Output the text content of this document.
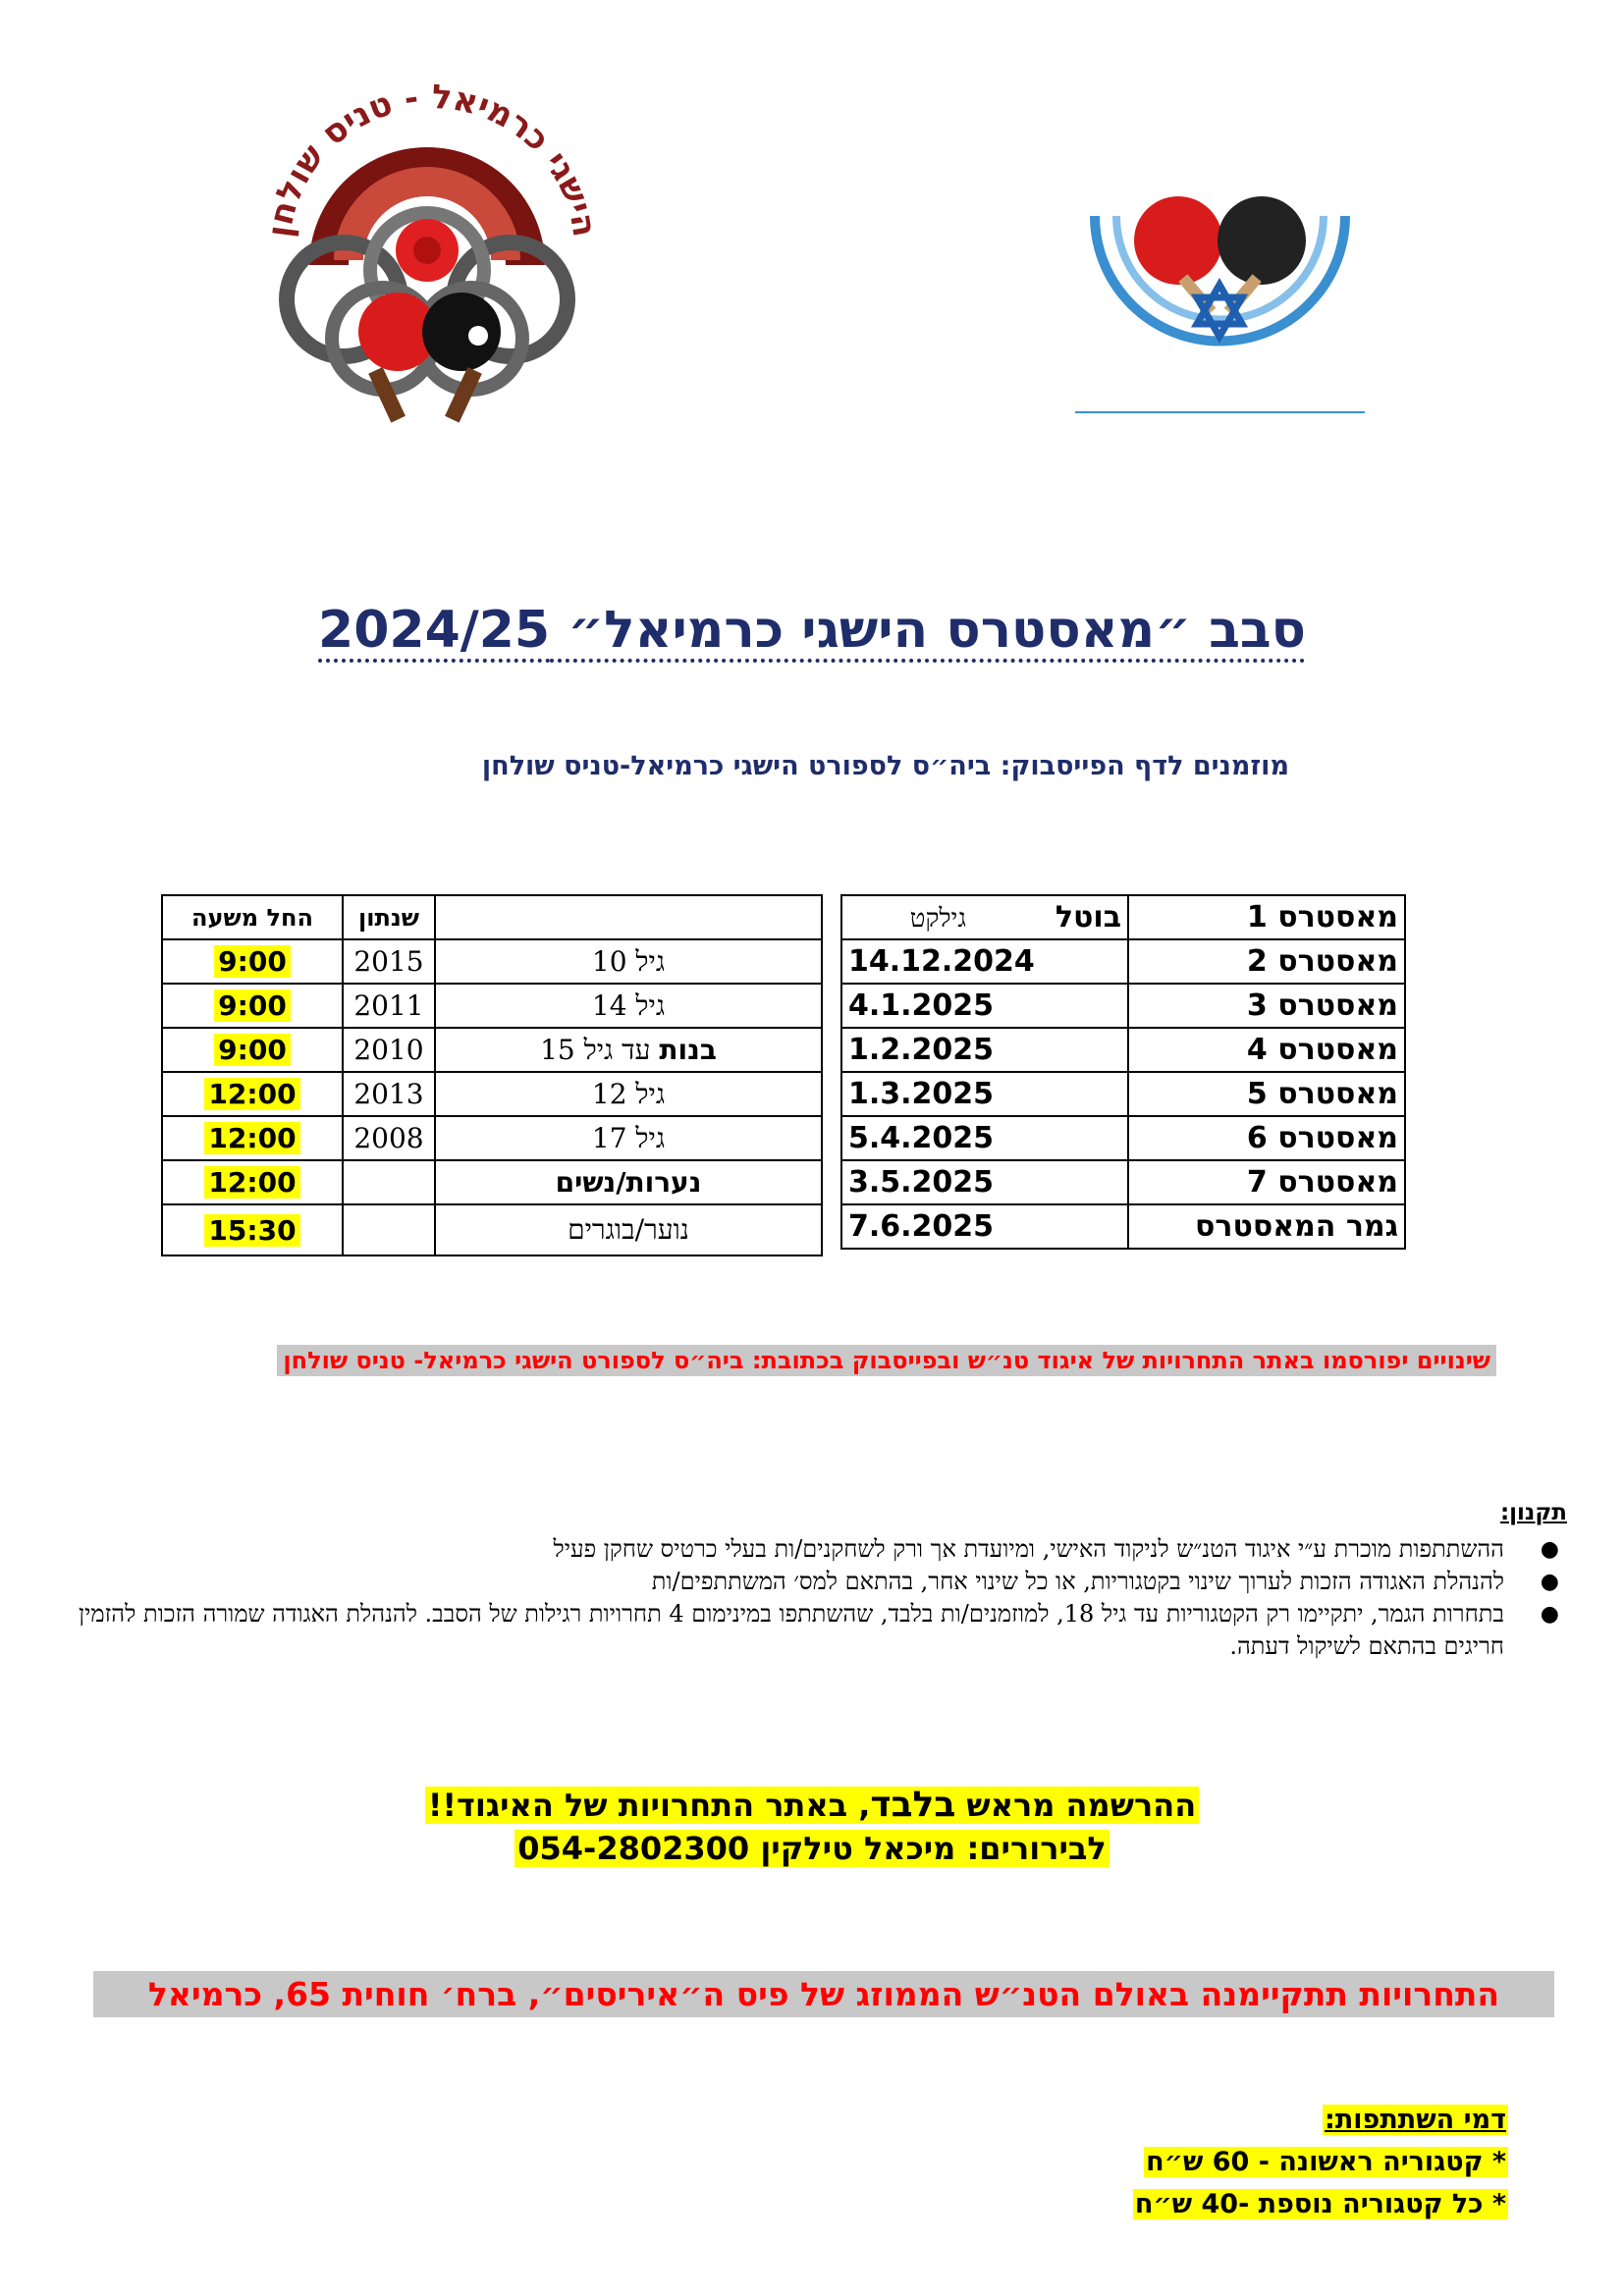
הישגי כרמיאל - טניס שולחן
סבב ״מאסטרס הישגי כרמיאל״ 2024/25
מוזמנים לדף הפייסבוק: ביה״ס לספורט הישגי כרמיאל-טניס שולחן
מאסטרס 1	בוטל  גילקט
מאסטרס 2	14.12.2024
מאסטרס 3	4.1.2025
מאסטרס 4	1.2.2025
מאסטרס 5	1.3.2025
מאסטרס 6	5.4.2025
מאסטרס 7	3.5.2025
גמר המאסטרס	7.6.2025
	שנתון	החל משעה
גיל 10	2015	9:00
גיל 14	2011	9:00
בנות עד גיל 15	2010	9:00
גיל 12	2013	12:00
גיל 17	2008	12:00
נערות/נשים		12:00
נוער/בוגרים		15:30
שינויים יפורסמו באתר התחרויות של איגוד טנ״ש ובפייסבוק בכתובת: ביה״ס לספורט הישגי כרמיאל- טניס שולחן
תקנון:
●
ההשתתפות מוכרת ע״י איגוד הטנ״ש לניקוד האישי, ומיועדת אך ורק לשחקנים/ות בעלי כרטיס שחקן פעיל
●
להנהלת האגודה הזכות לערוך שינוי בקטגוריות, או כל שינוי אחר, בהתאם למס׳ המשתתפים/ות
●
בתחרות הגמר, יתקיימו רק הקטגוריות עד גיל 18, למוזמנים/ות בלבד, שהשתתפו במינימום 4 תחרויות רגילות של הסבב. להנהלת האגודה שמורה הזכות להזמין חריגים בהתאם לשיקול דעתה.
ההרשמה מראש בלבד, באתר התחרויות של האיגוד!!
לבירורים: מיכאל טילקין 054-2802300
התחרויות תתקיימנה באולם הטנ״ש הממוזג של פיס ה״איריסים״, ברח׳ חוחית 65, כרמיאל
דמי השתתפות:
* קטגוריה ראשונה - 60 ש״ח
* כל קטגוריה נוספת -40 ש״ח
